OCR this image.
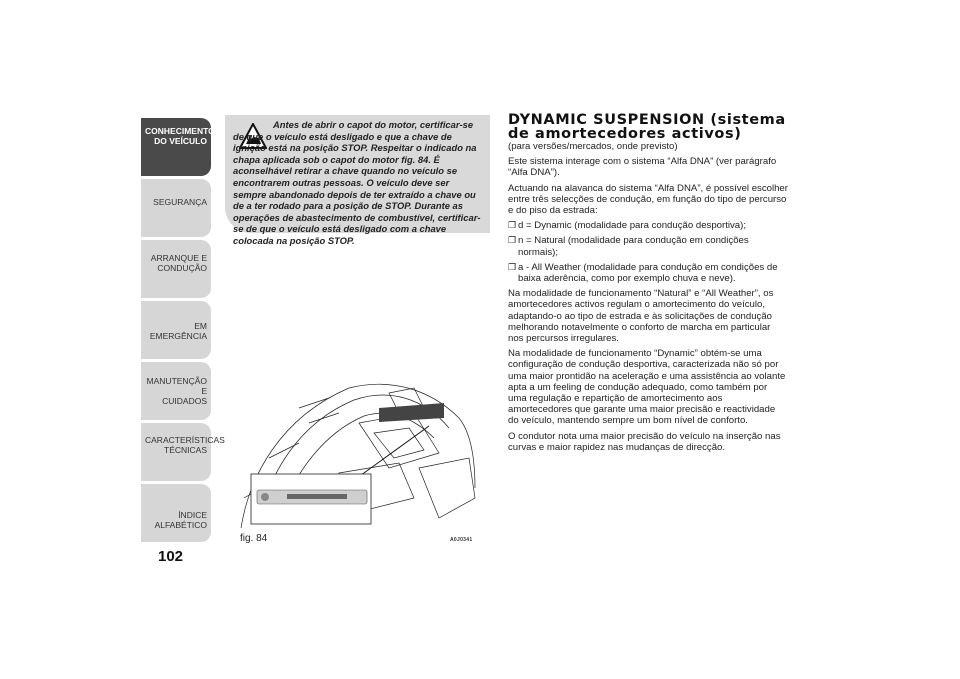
CONHECIMENTO
DO VEÍCULO
SEGURANÇA
ARRANQUE E
CONDUÇÃO
EM EMERGÊNCIA
MANUTENÇÃO E
CUIDADOS
CARACTERÍSTICAS
TÉCNICAS
ÍNDICE ALFABÉTICO
102
Antes de abrir o capot do motor, certificar-se de que o veículo está desligado e que a chave de ignição está na posição STOP. Respeitar o indicado na chapa aplicada sob o capot do motor fig. 84. É aconselhável retirar a chave quando no veículo se encontrarem outras pessoas. O veículo deve ser sempre abandonado depois de ter extraído a chave ou de a ter rodado para a posição de STOP. Durante as operações de abastecimento de combustível, certificar-se de que o veículo está desligado com a chave colocada na posição STOP.
fig. 84	A0J0341
DYNAMIC SUSPENSION (sistema
de amortecedores activos)

(para versões/mercados, onde previsto)

Este sistema interage com o sistema “Alfa DNA” (ver parágrafo “Alfa DNA”).

Actuando na alavanca do sistema “Alfa DNA”, é possível escolher entre três selecções de condução, em função do tipo de percurso e do piso da estrada:

❒ d = Dynamic (modalidade para condução desportiva);
❒ n = Natural (modalidade para condução em condições normais);
❒ a - All Weather (modalidade para condução em condições de baixa aderência, como por exemplo chuva e neve).

Na modalidade de funcionamento “Natural” e “All Weather”, os amortecedores activos regulam o amortecimento do veículo, adaptando-o ao tipo de estrada e às solicitações de condução melhorando notavelmente o conforto de marcha em particular nos percursos irregulares.

Na modalidade de funcionamento “Dynamic” obtém-se uma configuração de condução desportiva, caracterizada não só por uma maior prontidão na aceleração e uma assistência ao volante apta a um feeling de condução adequado, como também por uma regulação e repartição de amortecimento aos amortecedores que garante uma maior precisão e reactividade do veículo, mantendo sempre um bom nível de conforto.

O condutor nota uma maior precisão do veículo na inserção nas curvas e maior rapidez nas mudanças de direcção.
